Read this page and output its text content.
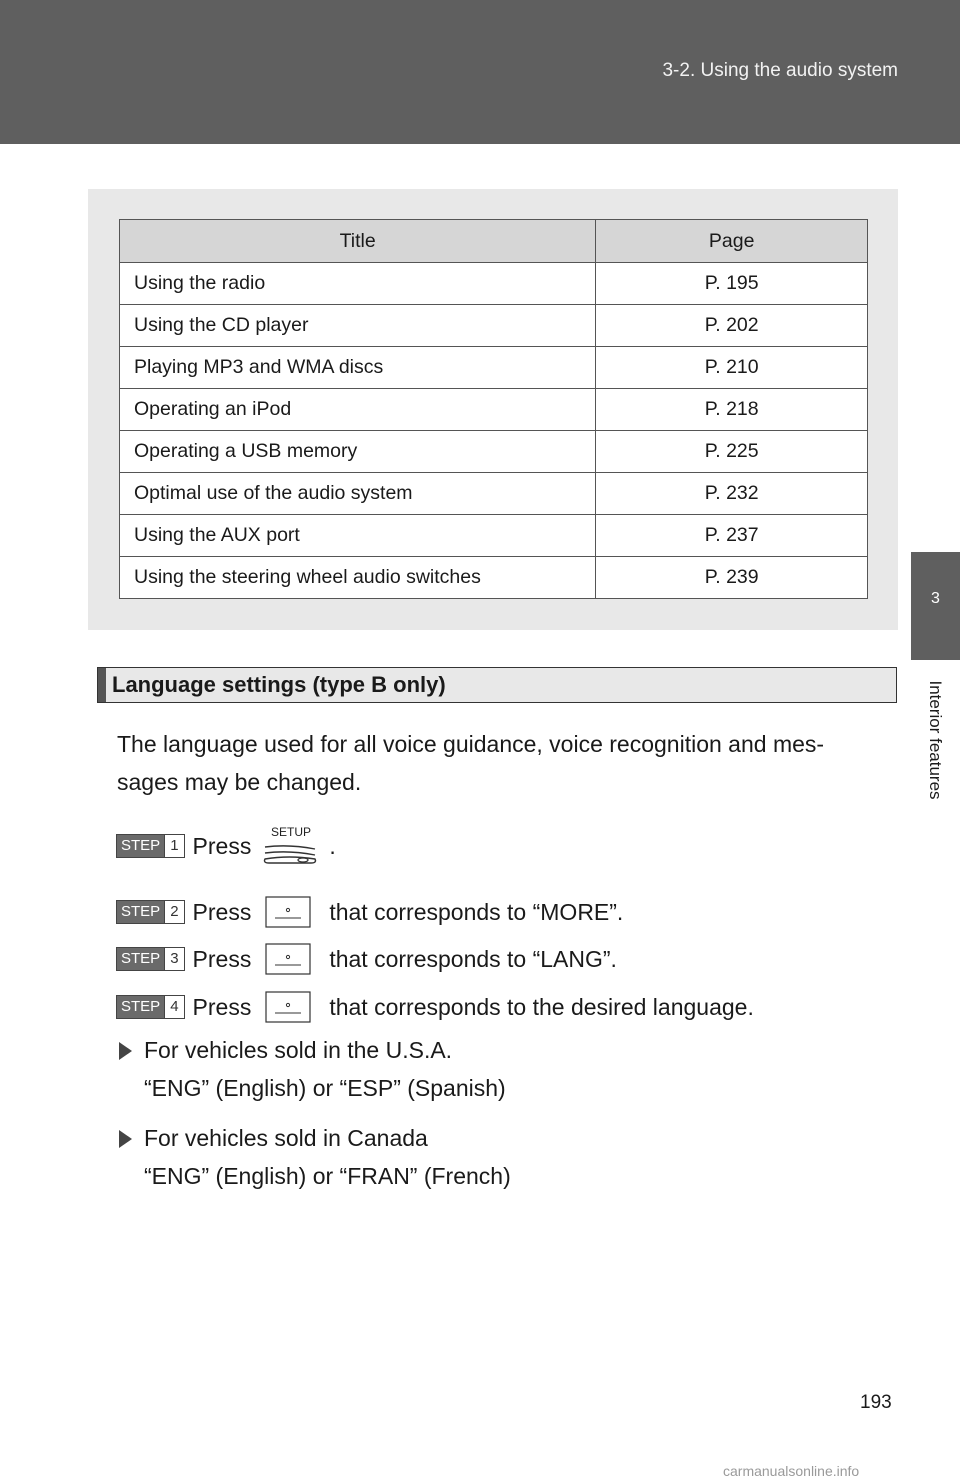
3-2. Using the audio system
3
Interior features
Title	Page
Using the radio	P. 195
Using the CD player	P. 202
Playing MP3 and WMA discs	P. 210
Operating an iPod	P. 218
Operating a USB memory	P. 225
Optimal use of the audio system	P. 232
Using the AUX port	P. 237
Using the steering wheel audio switches	P. 239
Language settings (type B only)
The language used for all voice guidance, voice recognition and mes-
sages may be changed.
STEP 1 Press
SETUP
.
STEP 2 Press	that corresponds to “MORE”.
STEP 3 Press	that corresponds to “LANG”.
STEP 4 Press	that corresponds to the desired language.
For vehicles sold in the U.S.A.
“ENG” (English) or “ESP” (Spanish)
For vehicles sold in Canada
“ENG” (English) or “FRAN” (French)
193
carmanualsonline.info
